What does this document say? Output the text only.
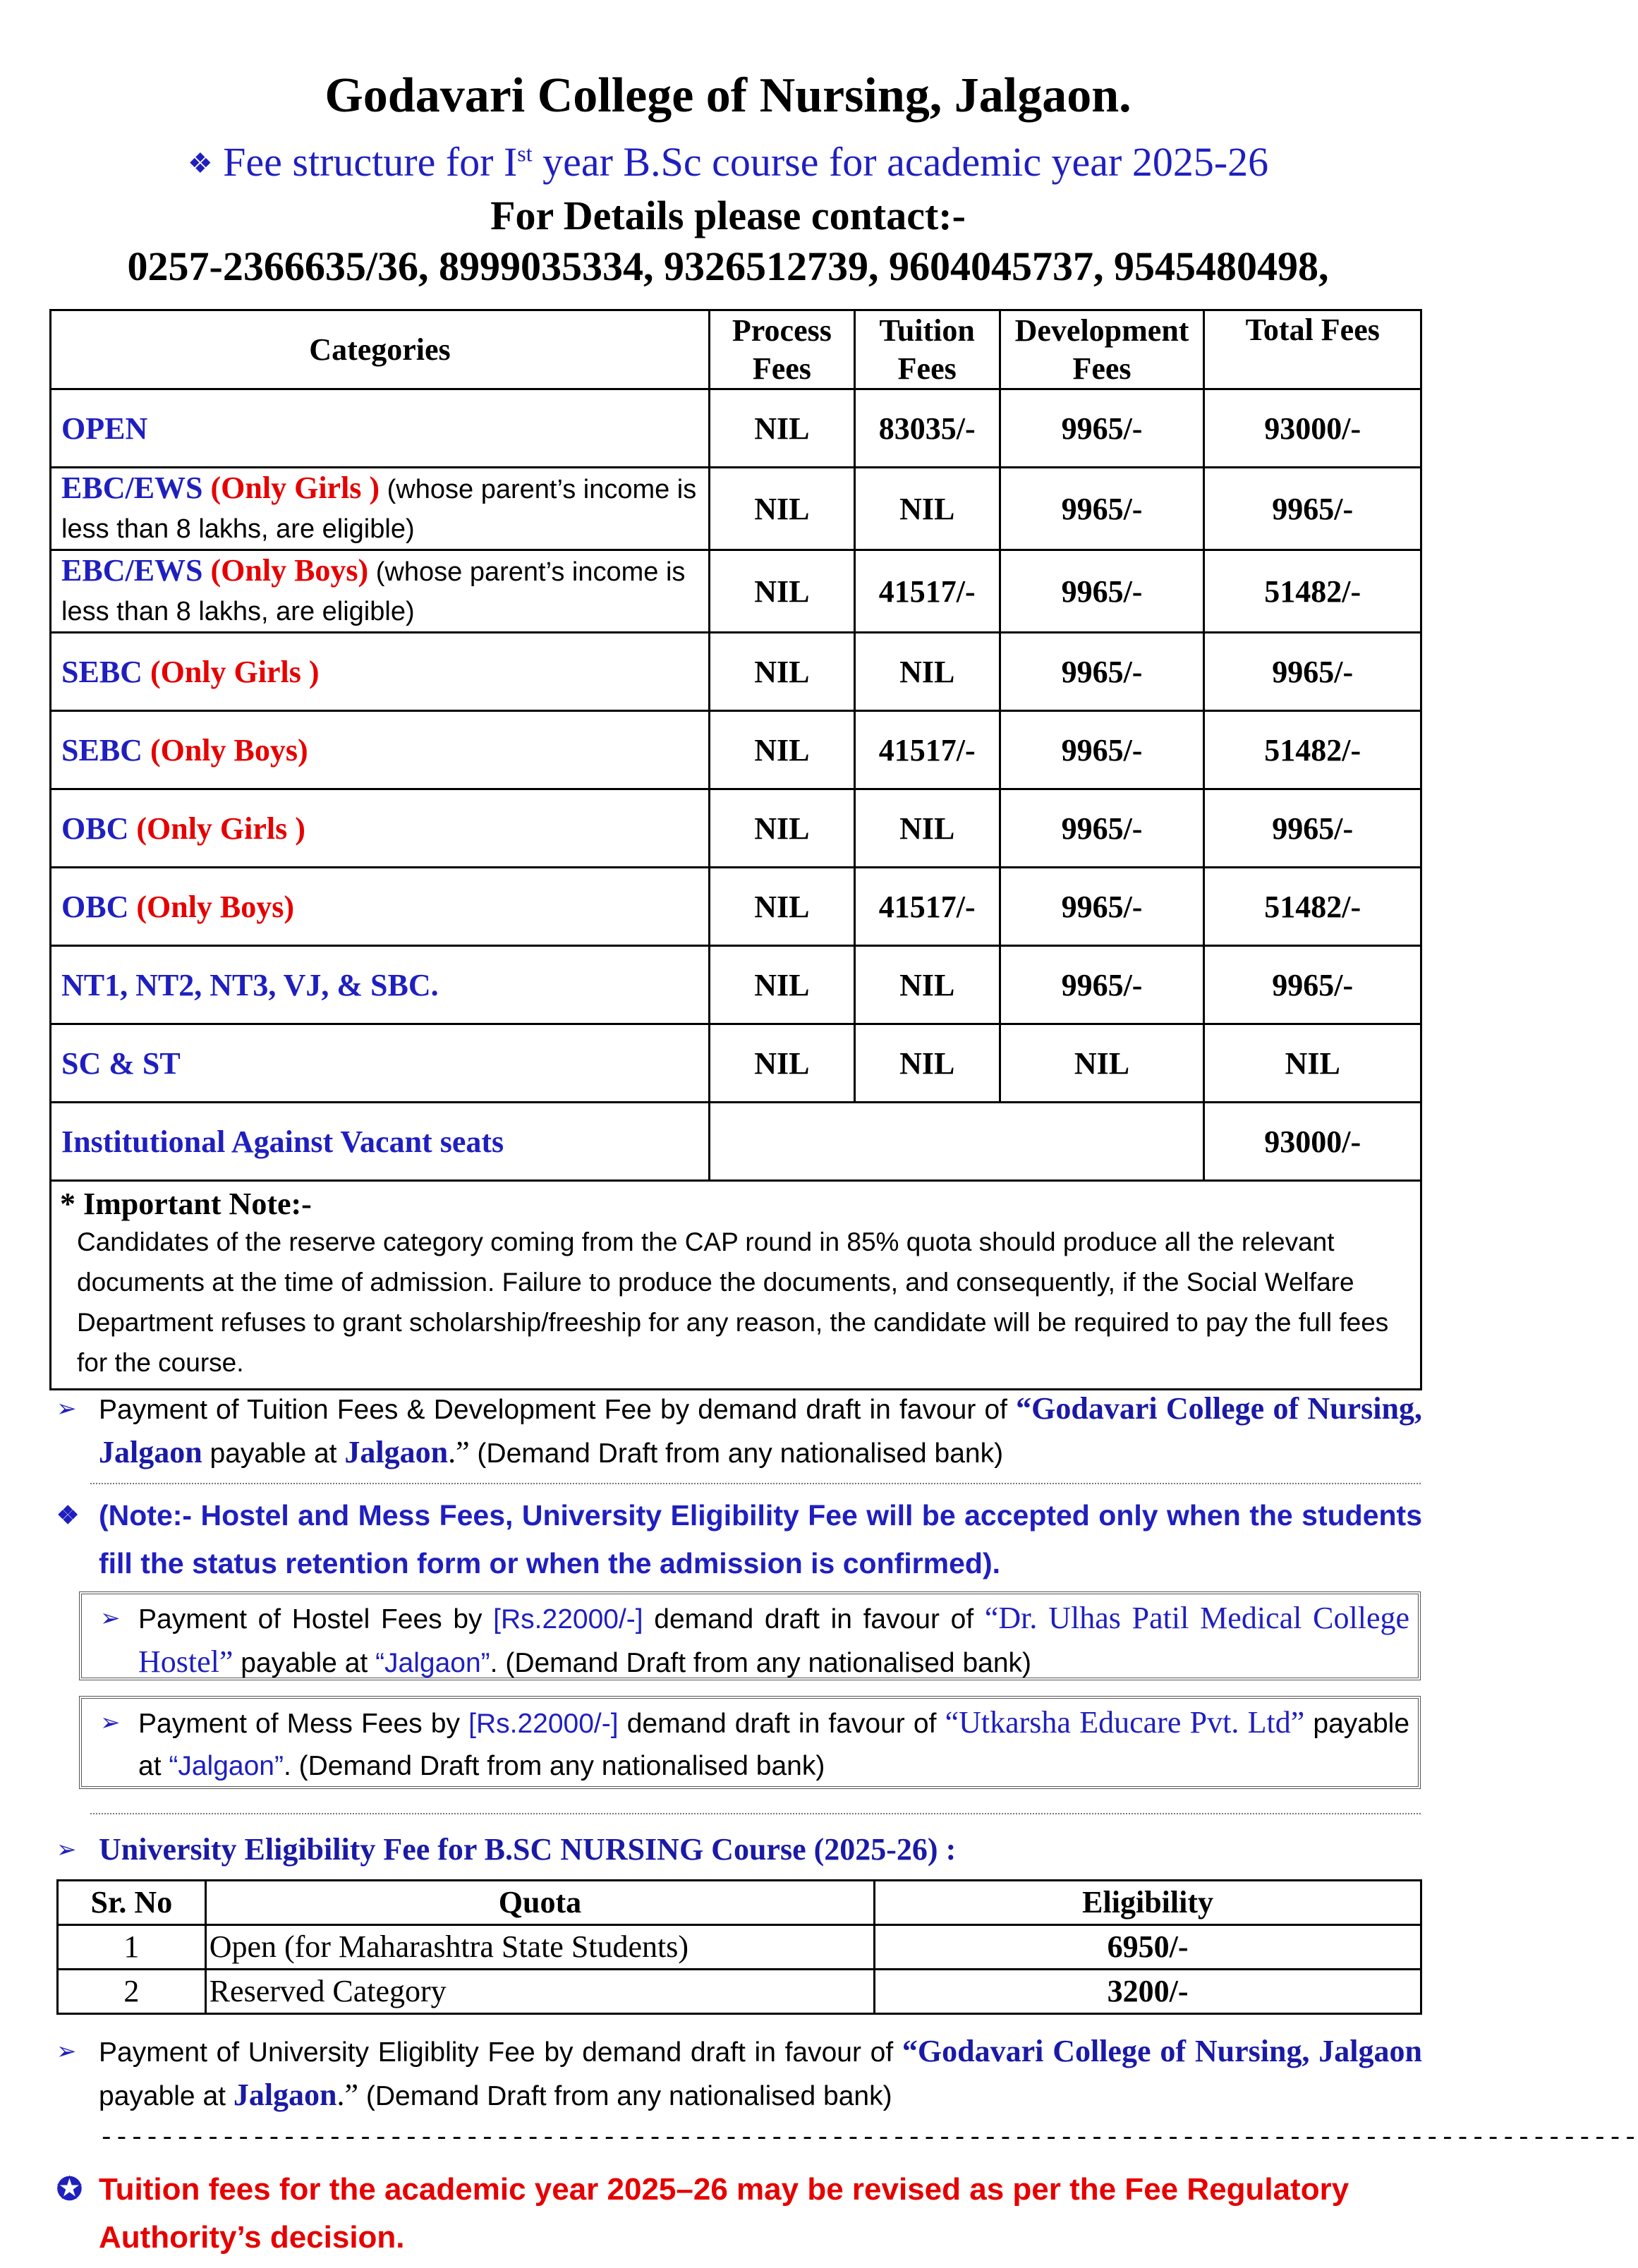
Godavari College of Nursing, Jalgaon.
❖ Fee structure for Ist year B.Sc course for academic year 2025-26
For Details please contact:-
0257-2366635/36, 8999035334, 9326512739, 9604045737, 9545480498,
Categories	Process Fees	Tuition Fees	Development Fees	Total Fees
OPEN	NIL	83035/-	9965/-	93000/-
EBC/EWS (Only Girls ) (whose parent’s income is less than 8 lakhs, are eligible)	NIL	NIL	9965/-	9965/-
EBC/EWS (Only Boys) (whose parent’s income is less than 8 lakhs, are eligible)	NIL	41517/-	9965/-	51482/-
SEBC (Only Girls )	NIL	NIL	9965/-	9965/-
SEBC (Only Boys)	NIL	41517/-	9965/-	51482/-
OBC (Only Girls )	NIL	NIL	9965/-	9965/-
OBC (Only Boys)	NIL	41517/-	9965/-	51482/-
NT1, NT2, NT3, VJ, & SBC.	NIL	NIL	9965/-	9965/-
SC & ST	NIL	NIL	NIL	NIL
Institutional Against Vacant seats				93000/-

* Important Note:-
Candidates of the reserve category coming from the CAP round in 85% quota should produce all the relevant documents at the time of admission. Failure to produce the documents, and consequently, if the Social Welfare Department refuses to grant scholarship/freeship for any reason, the candidate will be required to pay the full fees for the course.				
➢ Payment of Tuition Fees & Development Fee by demand draft in favour of “Godavari College of Nursing, Jalgaon payable at Jalgaon.” (Demand Draft from any nationalised bank)
❖ (Note:- Hostel and Mess Fees, University Eligibility Fee will be accepted only when the students fill the status retention form or when the admission is confirmed).
➢ Payment of Hostel Fees by [Rs.22000/-] demand draft in favour of “Dr. Ulhas Patil Medical College Hostel” payable at “Jalgaon”. (Demand Draft from any nationalised bank)
➢ Payment of Mess Fees by [Rs.22000/-] demand draft in favour of “Utkarsha Educare Pvt. Ltd” payable at “Jalgaon”. (Demand Draft from any nationalised bank)
➢ University Eligibility Fee for B.SC NURSING Course (2025-26) :
Sr. No	Quota	Eligibility
1	Open (for Maharashtra State Students)	6950/-
2	Reserved Category	3200/-
➢ Payment of University Eligiblity Fee by demand draft in favour of “Godavari College of Nursing, Jalgaon payable at Jalgaon.” (Demand Draft from any nationalised bank)
-----------------------------------------------------------------------------------------------------
✪ Tuition fees for the academic year 2025–26 may be revised as per the Fee Regulatory Authority’s decision.
